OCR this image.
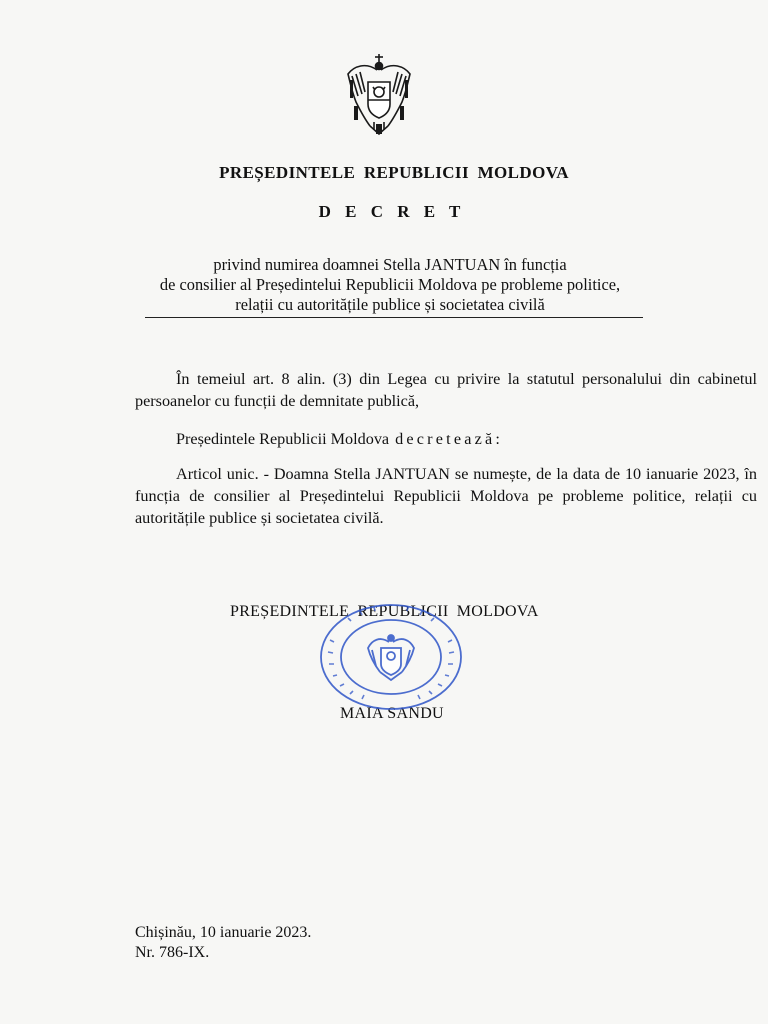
PREȘEDINTELE REPUBLICII MOLDOVA
D E C R E T
privind numirea doamnei Stella JANTUAN în funcția
de consilier al Președintelui Republicii Moldova pe probleme politice,
relații cu autoritățile publice și societatea civilă
În temeiul art. 8 alin. (3) din Legea cu privire la statutul personalului din cabinetul persoanelor cu funcții de demnitate publică,
Președintele Republicii Moldova decretează:
Articol unic. - Doamna Stella JANTUAN se numește, de la data de 10 ianuarie 2023, în funcția de consilier al Președintelui Republicii Moldova pe probleme politice, relații cu autoritățile publice și societatea civilă.
PREȘEDINTELE REPUBLICII MOLDOVA
MAIA SANDU
Chișinău, 10 ianuarie 2023.
Nr. 786-IX.
